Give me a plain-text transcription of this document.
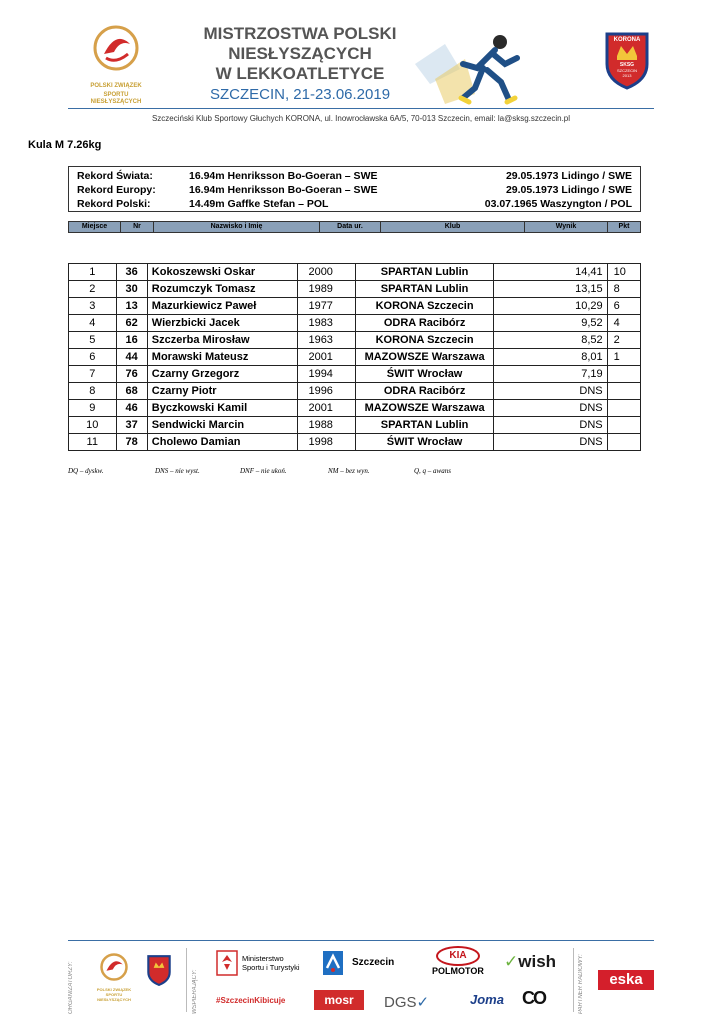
POLSKI ZWIĄZEK
SPORTU NIESŁYSZĄCYCH
MISTRZOSTWA POLSKI
NIESŁYSZĄCYCH
W LEKKOATLETYCE
SZCZECIN, 21-23.06.2019
KORONA
SKSG
SZCZECIN
2013
Szczeciński Klub Sportowy Głuchych KORONA, ul. Inowrocławska 6A/5, 70-013 Szczecin, email: la@sksg.szczecin.pl
Kula M 7.26kg
Rekord Świata:	16.94m Henriksson Bo-Goeran – SWE	29.05.1973 Lidingo / SWE
Rekord Europy:	16.94m Henriksson Bo-Goeran – SWE	29.05.1973 Lidingo / SWE
Rekord Polski:	14.49m Gaffke Stefan – POL	03.07.1965 Waszyngton / POL
Miejsce	Nr	Nazwisko i Imię	Data ur.	Klub	Wynik	Pkt
1	36	Kokoszewski Oskar	2000	SPARTAN Lublin	14,41	10
2	30	Rozumczyk Tomasz	1989	SPARTAN Lublin	13,15	8
3	13	Mazurkiewicz Paweł	1977	KORONA Szczecin	10,29	6
4	62	Wierzbicki Jacek	1983	ODRA Racibórz	9,52	4
5	16	Szczerba Mirosław	1963	KORONA Szczecin	8,52	2
6	44	Morawski Mateusz	2001	MAZOWSZE Warszawa	8,01	1
7	76	Czarny Grzegorz	1994	ŚWIT Wrocław	7,19	
8	68	Czarny Piotr	1996	ODRA Racibórz	DNS	
9	46	Byczkowski Kamil	2001	MAZOWSZE Warszawa	DNS	
10	37	Sendwicki Marcin	1988	SPARTAN Lublin	DNS	
11	78	Cholewo Damian	1998	ŚWIT Wrocław	DNS	
DQ – dyskw.	DNS – nie wyst.	DNF – nie ukoń.	NM – bez wyn.	Q, q – awans
ORGANIZATORZY:	POLSKI ZWIĄZEK
SPORTU NIESŁYSZĄCYCH	WSPIERAJĄCY:
Ministerstwo
Sportu i Turystyki
#SzczecinKibicuje
Szczecin
mosr
KIA
POLMOTOR ✓wish	PARTNER RADIOWY:	eska
DGS✓	Joma CO
